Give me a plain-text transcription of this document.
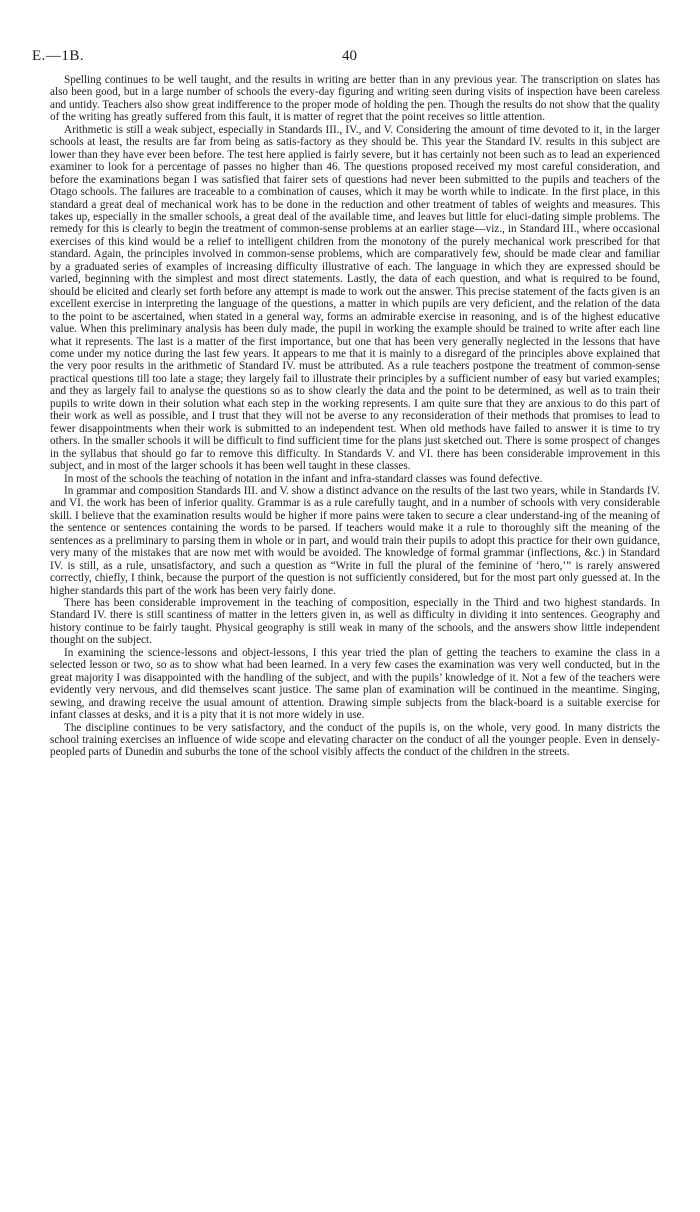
E.—1B.	40

Spelling continues to be well taught, and the results in writing are better than in any previous year. The transcription on slates has also been good, but in a large number of schools the every-day figuring and writing seen during visits of inspection have been careless and untidy. Teachers also show great indifference to the proper mode of holding the pen. Though the results do not show that the quality of the writing has greatly suffered from this fault, it is matter of regret that the point receives so little attention.

Arithmetic is still a weak subject, especially in Standards III., IV., and V. Considering the amount of time devoted to it, in the larger schools at least, the results are far from being as satis-factory as they should be. This year the Standard IV. results in this subject are lower than they have ever been before. The test here applied is fairly severe, but it has certainly not been such as to lead an experienced examiner to look for a percentage of passes no higher than 46. The questions proposed received my most careful consideration, and before the examinations began I was satisfied that fairer sets of questions had never been submitted to the pupils and teachers of the Otago schools. The failures are traceable to a combination of causes, which it may be worth while to indicate. In the first place, in this standard a great deal of mechanical work has to be done in the reduction and other treatment of tables of weights and measures. This takes up, especially in the smaller schools, a great deal of the available time, and leaves but little for eluci-dating simple problems. The remedy for this is clearly to begin the treatment of common-sense problems at an earlier stage—viz., in Standard III., where occasional exercises of this kind would be a relief to intelligent children from the monotony of the purely mechanical work prescribed for that standard. Again, the principles involved in common-sense problems, which are comparatively few, should be made clear and familiar by a graduated series of examples of increasing difficulty illustrative of each. The language in which they are expressed should be varied, beginning with the simplest and most direct statements. Lastly, the data of each question, and what is required to be found, should be elicited and clearly set forth before any attempt is made to work out the answer. This precise statement of the facts given is an excellent exercise in interpreting the language of the questions, a matter in which pupils are very deficient, and the relation of the data to the point to be ascertained, when stated in a general way, forms an admirable exercise in reasoning, and is of the highest educative value. When this preliminary analysis has been duly made, the pupil in working the example should be trained to write after each line what it represents. The last is a matter of the first importance, but one that has been very generally neglected in the lessons that have come under my notice during the last few years. It appears to me that it is mainly to a disregard of the principles above explained that the very poor results in the arithmetic of Standard IV. must be attributed. As a rule teachers postpone the treatment of common-sense practical questions till too late a stage; they largely fail to illustrate their principles by a sufficient number of easy but varied examples; and they as largely fail to analyse the questions so as to show clearly the data and the point to be determined, as well as to train their pupils to write down in their solution what each step in the working represents. I am quite sure that they are anxious to do this part of their work as well as possible, and I trust that they will not be averse to any reconsideration of their methods that promises to lead to fewer disappointments when their work is submitted to an independent test. When old methods have failed to answer it is time to try others. In the smaller schools it will be difficult to find sufficient time for the plans just sketched out. There is some prospect of changes in the syllabus that should go far to remove this difficulty. In Standards V. and VI. there has been considerable improvement in this subject, and in most of the larger schools it has been well taught in these classes.

In most of the schools the teaching of notation in the infant and infra-standard classes was found defective.

In grammar and composition Standards III. and V. show a distinct advance on the results of the last two years, while in Standards IV. and VI. the work has been of inferior quality. Grammar is as a rule carefully taught, and in a number of schools with very considerable skill. I believe that the examination results would be higher if more pains were taken to secure a clear understand-ing of the meaning of the sentence or sentences containing the words to be parsed. If teachers would make it a rule to thoroughly sift the meaning of the sentences as a preliminary to parsing them in whole or in part, and would train their pupils to adopt this practice for their own guidance, very many of the mistakes that are now met with would be avoided. The knowledge of formal grammar (inflections, &c.) in Standard IV. is still, as a rule, unsatisfactory, and such a question as “Write in full the plural of the feminine of ‘hero,’” is rarely answered correctly, chiefly, I think, because the purport of the question is not sufficiently considered, but for the most part only guessed at. In the higher standards this part of the work has been very fairly done.

There has been considerable improvement in the teaching of composition, especially in the Third and two highest standards. In Standard IV. there is still scantiness of matter in the letters given in, as well as difficulty in dividing it into sentences. Geography and history continue to be fairly taught. Physical geography is still weak in many of the schools, and the answers show little independent thought on the subject.

In examining the science-lessons and object-lessons, I this year tried the plan of getting the teachers to examine the class in a selected lesson or two, so as to show what had been learned. In a very few cases the examination was very well conducted, but in the great majority I was disappointed with the handling of the subject, and with the pupils’ knowledge of it. Not a few of the teachers were evidently very nervous, and did themselves scant justice. The same plan of examination will be continued in the meantime. Singing, sewing, and drawing receive the usual amount of attention. Drawing simple subjects from the black-board is a suitable exercise for infant classes at desks, and it is a pity that it is not more widely in use.

The discipline continues to be very satisfactory, and the conduct of the pupils is, on the whole, very good. In many districts the school training exercises an influence of wide scope and elevating character on the conduct of all the younger people. Even in densely-peopled parts of Dunedin and suburbs the tone of the school visibly affects the conduct of the children in the streets.
